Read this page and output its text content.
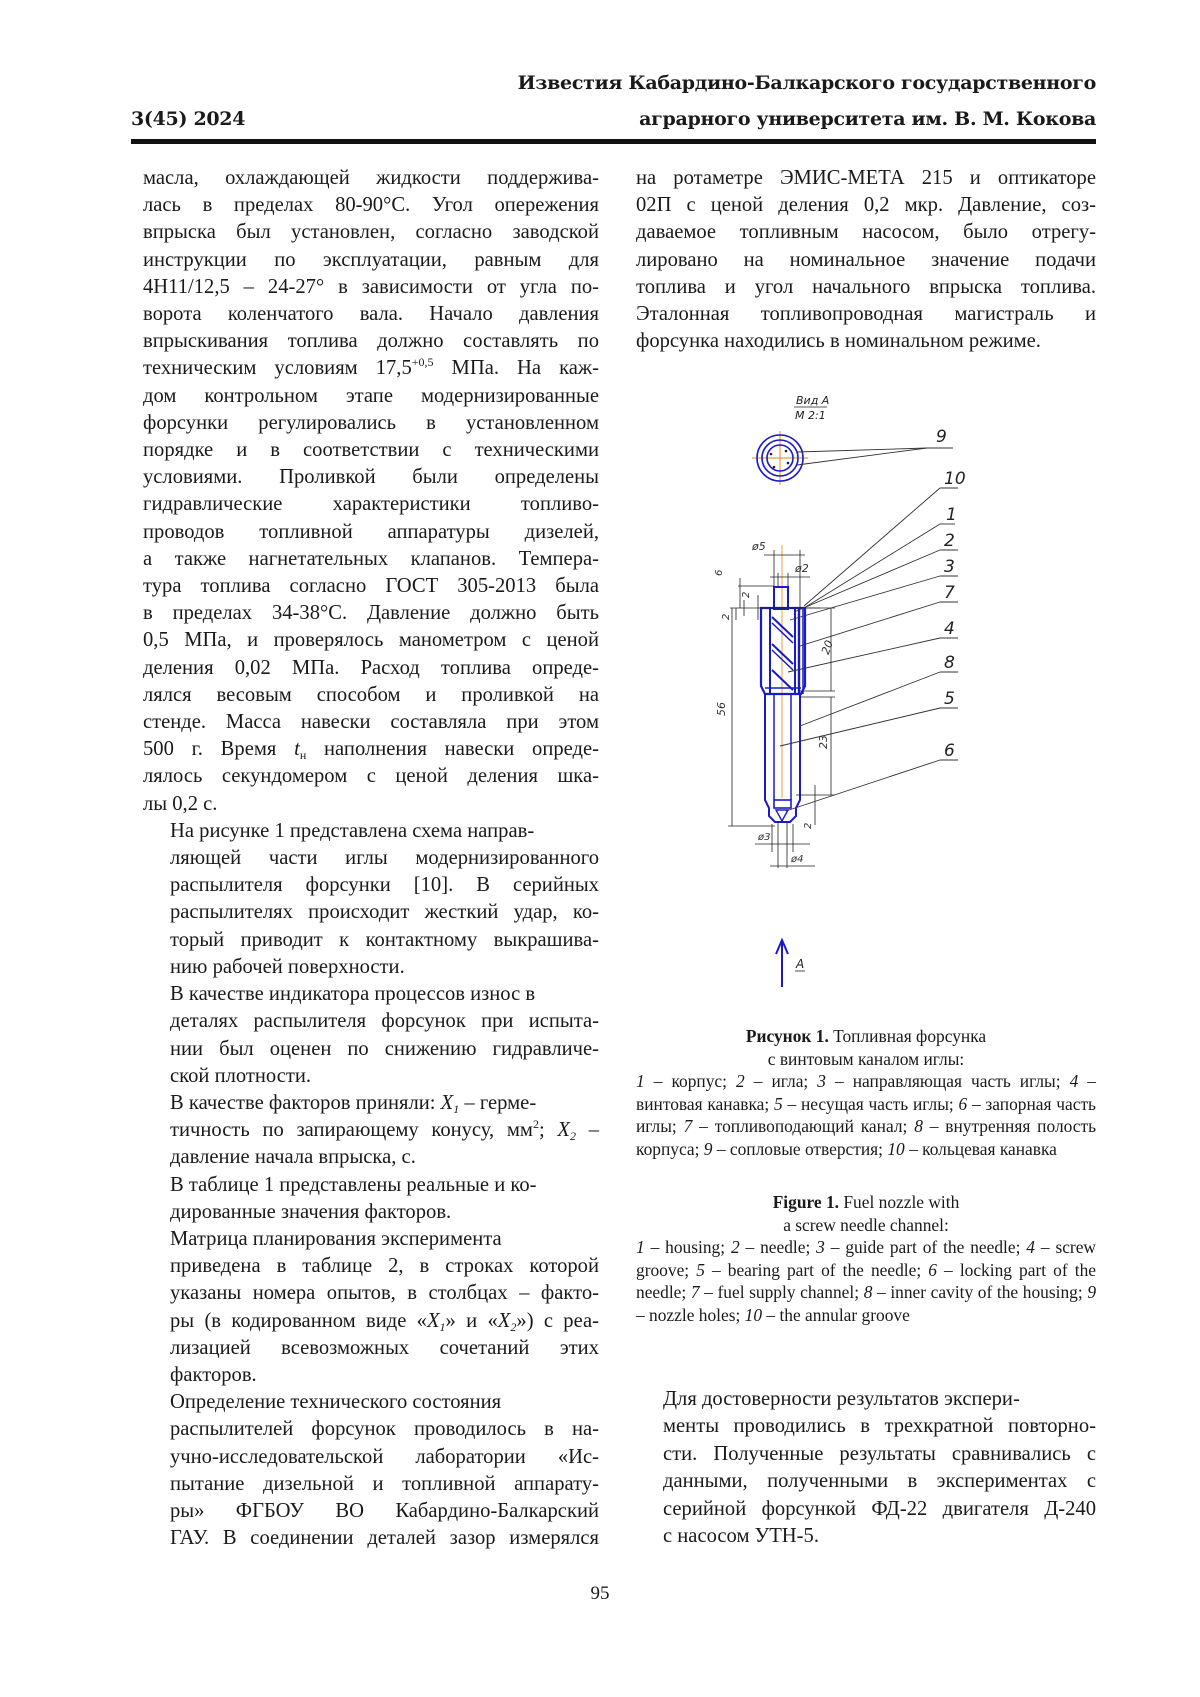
Известия Кабардино-Балкарского государственного
3(45) 2024	аграрного университета им. В. М. Кокова

масла, охлаждающей жидкости поддержива-
лась в пределах 80-90°С. Угол опережения
впрыска был установлен, согласно заводской
инструкции по эксплуатации, равным для
4Н11/12,5 – 24-27° в зависимости от угла по-
ворота коленчатого вала. Начало давления
впрыскивания топлива должно составлять по
техническим условиям $17,5^{+0,5}$ МПа. На каж-
дом контрольном этапе модернизированные
форсунки регулировались в установленном
порядке и в соответствии с техническими
условиями. Проливкой были определены
гидравлические характеристики топливо-
проводов топливной аппаратуры дизелей,
а также нагнетательных клапанов. Темпера-
тура топлива согласно ГОСТ 305-2013 была
в пределах 34-38°С. Давление должно быть
0,5 МПа, и проверялось манометром с ценой
деления 0,02 МПа. Расход топлива опреде-
лялся весовым способом и проливкой на
стенде. Масса навески составляла при этом
500 г. Время $t_н$ наполнения навески опреде-
лялось секундомером с ценой деления шка-
лы 0,2 с.

На рисунке 1 представлена схема направ-
ляющей части иглы модернизированного
распылителя форсунки [10]. В серийных
распылителях происходит жесткий удар, ко-
торый приводит к контактному выкрашива-
нию рабочей поверхности.

В качестве индикатора процессов износ в
деталях распылителя форсунок при испыта-
нии был оценен по снижению гидравличе-
ской плотности.

В качестве факторов приняли: $X_1$ – герме-
тичность по запирающему конусу, $мм^2$; $X_2$ –
давление начала впрыска, с.

В таблице 1 представлены реальные и ко-
дированные значения факторов.

Матрица планирования эксперимента
приведена в таблице 2, в строках которой
указаны номера опытов, в столбцах – факто-
ры (в кодированном виде «$X_1$» и «$X_2$») с реа-
лизацией всевозможных сочетаний этих
факторов.

Определение технического состояния
распылителей форсунок проводилось в на-
учно-исследовательской лаборатории «Ис-
пытание дизельной и топливной аппарату-
ры» ФГБОУ ВО Кабардино-Балкарский
ГАУ. В соединении деталей зазор измерялся

на ротаметре ЭМИС-МЕТА 215 и оптикаторе
02П с ценой деления 0,2 мкр. Давление, соз-
даваемое топливным насосом, было отрегу-
лировано на номинальное значение подачи
топлива и угол начального впрыска топлива.
Эталонная топливопроводная магистраль и
форсунка находились в номинальном режиме.

Вид А
М 2:1
9
ø5
ø2
6
2
2
56
20
23
2
ø3
ø4
10
1
2
3
7
4
8
5
6
А
Рисунок 1. Топливная форсунка
с винтовым каналом иглы:
1 – корпус; 2 – игла; 3 – направляющая часть иглы; 4 – винтовая канавка; 5 – несущая часть иглы; 6 – запорная часть иглы; 7 – топливоподающий канал; 8 – внутренняя полость корпуса; 9 – сопловые отверстия; 10 – кольцевая канавка
Figure 1. Fuel nozzle with
a screw needle channel:
1 – housing; 2 – needle; 3 – guide part of the needle; 4 – screw groove; 5 – bearing part of the needle; 6 – locking part of the needle; 7 – fuel supply channel; 8 – inner cavity of the housing; 9 – nozzle holes; 10 – the annular groove

Для достоверности результатов экспери-
менты проводились в трехкратной повторно-
сти. Полученные результаты сравнивались с
данными, полученными в экспериментах с
серийной форсункой ФД-22 двигателя Д-240
с насосом УТН-5.

95
